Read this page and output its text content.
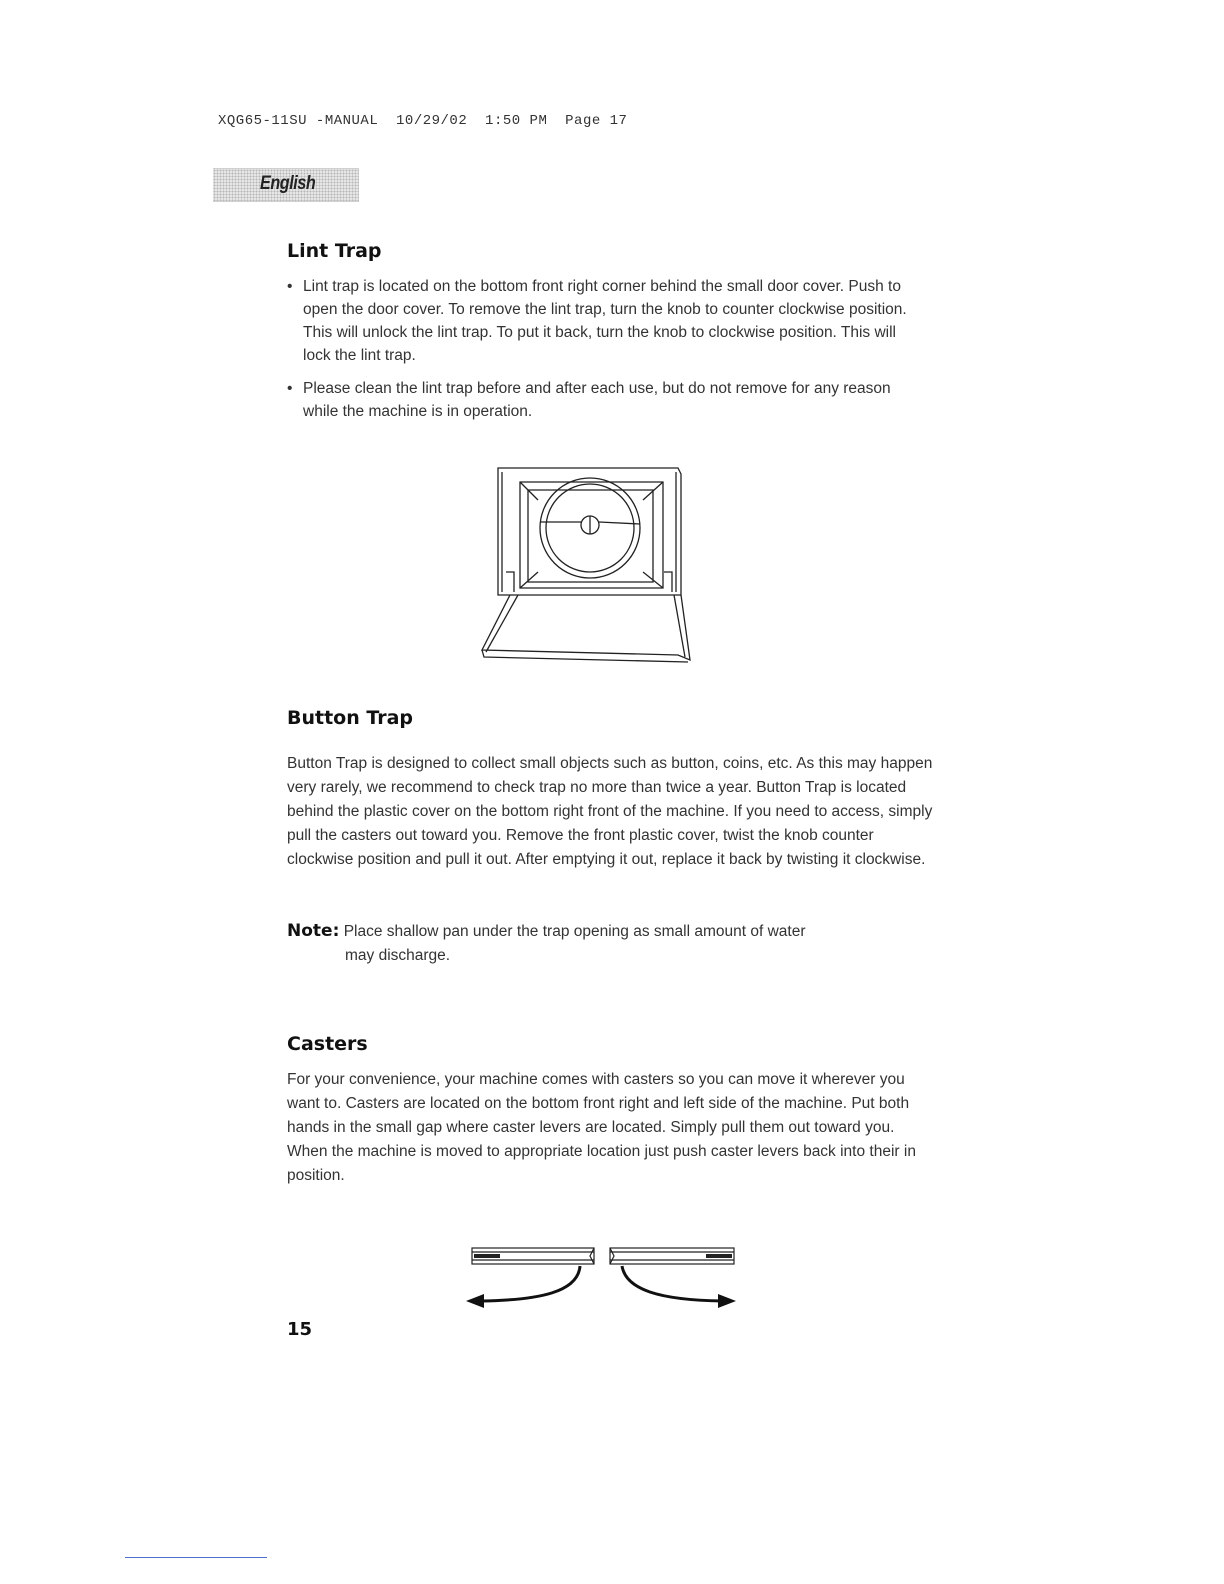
XQG65-11SU -MANUAL  10/29/02  1:50 PM  Page 17
English
Lint Trap
• Lint trap is located on the bottom front right corner behind the small door cover. Push to open the door cover. To remove the lint trap, turn the knob to counter clockwise position. This will unlock the lint trap. To put it back, turn the knob to clockwise position. This will lock the lint trap.
• Please clean the lint trap before and after each use, but do not remove for any reason while the machine is in operation.
Button Trap

Button Trap is designed to collect small objects such as button, coins, etc. As this may happen very rarely, we recommend to check trap no more than twice a year. Button Trap is located behind the plastic cover on the bottom right front of the machine. If you need to access, simply pull the casters out toward you. Remove the front plastic cover, twist the knob counter clockwise position and pull it out. After emptying it out, replace it back by twisting it clockwise.

Note: Place shallow pan under the trap opening as small amount of water
may discharge.
Casters

For your convenience, your machine comes with casters so you can move it wherever you want to. Casters are located on the bottom front right and left side of the machine. Put both hands in the small gap where caster levers are located. Simply pull them out toward you. When the machine is moved to appropriate location just push caster levers back into their in position.

15
